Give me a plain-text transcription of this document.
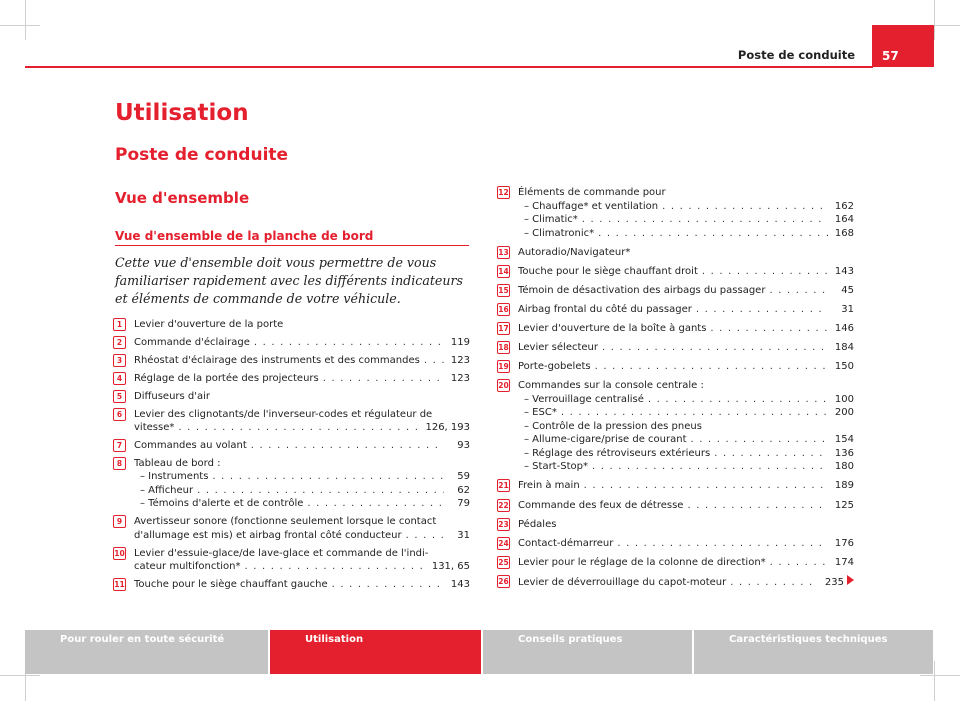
Poste de conduite 57
Utilisation
Poste de conduite
Vue d'ensemble
Vue d'ensemble de la planche de bord
Cette vue d'ensemble doit vous permettre de vous familiariser rapidement avec les différents indicateurs et éléments de commande de votre véhicule.
1	Levier d'ouverture de la porte
2	Commande d'éclairage . . .	119
3	Rhéostat d'éclairage des instruments et des commandes . . .	123
4	Réglage de la portée des projecteurs . . .	123
5	Diffuseurs d'air
6	Levier des clignotants/de l'inverseur-codes et régulateur de
vitesse* . . .	126, 193
7	Commandes au volant . . .	93
8	Tableau de bord :
– Instruments . . .	59
– Afficheur . . .	62
– Témoins d'alerte et de contrôle . . .	79
9	Avertisseur sonore (fonctionne seulement lorsque le contact
d'allumage est mis) et airbag frontal côté conducteur . . .	31
10 Levier d'essuie-glace/de lave-glace et commande de l'indi-
cateur multifonction* . . .	131, 65
11 Touche pour le siège chauffant gauche . . .	143
12 Éléments de commande pour
– Chauffage* et ventilation . . .	162
– Climatic* . . .	164
– Climatronic* . . .	168
13 Autoradio/Navigateur*
14 Touche pour le siège chauffant droit . . .	143
15 Témoin de désactivation des airbags du passager . . .	45
16 Airbag frontal du côté du passager . . .	31
17 Levier d'ouverture de la boîte à gants . . .	146
18 Levier sélecteur . . .	184
19 Porte-gobelets . . .	150
20 Commandes sur la console centrale :
– Verrouillage centralisé . . .	100
– ESC* . . .	200
– Contrôle de la pression des pneus
– Allume-cigare/prise de courant . . .	154
– Réglage des rétroviseurs extérieurs . . .	136
– Start-Stop* . . .	180
21 Frein à main . . .	189
22 Commande des feux de détresse . . .	125
23 Pédales
24 Contact-démarreur . . .	176
25 Levier pour le réglage de la colonne de direction* . . .	174
26 Levier de déverrouillage du capot-moteur . . .	235
Pour rouler en toute sécurité	Utilisation	Conseils pratiques	Caractéristiques techniques
